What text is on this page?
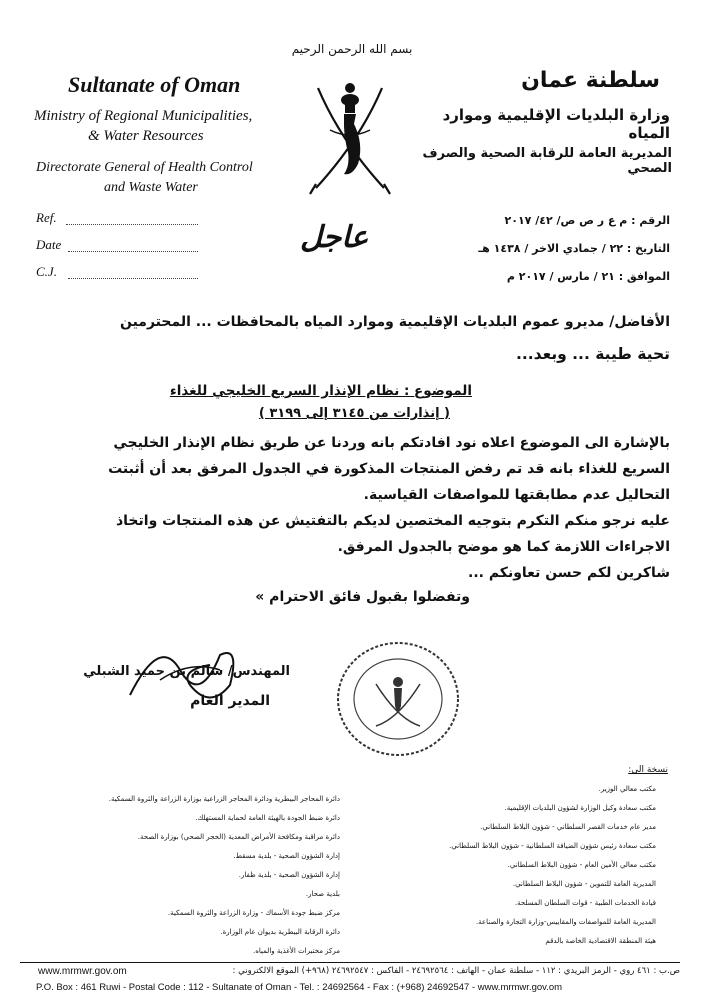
بسم الله الرحمن الرحيم
Sultanate of Oman
Ministry of Regional Municipalities,
& Water Resources
Directorate General of Health Control
and Waste Water
سلطنة عمان
وزارة البلديات الإقليمية وموارد المياه
المديرية العامة للرقابة الصحية والصرف الصحي
Ref.
Date
C.J.
عاجل	الرقم : م ع ر ص ص/ ٤٢/ ٢٠١٧
التاريخ : ٢٢ / جمادي الاخر / ١٤٣٨ هـ
الموافق : ٢١ / مارس / ٢٠١٧ م
الأفاضل/ مديرو عموم البلديات الإقليمية وموارد المياه بالمحافظات ... المحترمين
تحية طيبة ... وبعد...
الموضوع : نظام الإنذار السريع الخليجي للغذاء
( إنذارات من ٣١٤٥ إلى ٣١٩٩ )
بالإشارة الى الموضوع اعلاه نود افادتكم بانه وردنا عن طريق نظام الإنذار الخليجي
السريع للغذاء بانه قد تم رفض المنتجات المذكورة في الجدول المرفق بعد أن أثبتت
التحاليل عدم مطابقتها للمواصفات القياسية.
عليه نرجو منكم التكرم بتوجيه المختصين لديكم بالتفتيش عن هذه المنتجات واتخاذ
الاجراءات اللازمة كما هو موضح بالجدول المرفق.
شاكرين لكم حسن تعاونكم ...
وتفضلوا بقبول فائق الاحترام »
المهندس/ سالم بن حميد الشبلي
المدير العام
نسخة الى:
مكتب معالي الوزير.
مكتب سعادة وكيل الوزارة لشؤون البلديات الإقليمية.
مدير عام خدمات القصر السلطاني - شؤون البلاط السلطاني.
مكتب سعادة رئيس شؤون الضيافة السلطانية - شؤون البلاط السلطاني.
مكتب معالي الأمين العام - شؤون البلاط السلطاني.
المديرية العامة للتموين - شؤون البلاط السلطاني.
قيادة الخدمات الطبية - قوات السلطان المسلحة.
المديرية العامة للمواصفات والمقاييس-وزارة التجارة والصناعة.
هيئة المنطقة الاقتصادية الخاصة بالدقم
دائرة المحاجر البيطرية ودائرة المحاجر الزراعية بوزارة الزراعة والثروة السمكية.
دائرة ضبط الجودة بالهيئة العامة لحماية المستهلك.
دائرة مراقبة ومكافحة الأمراض المعدية (الحجر الصحي) بوزارة الصحة.
إدارة الشؤون الصحية - بلدية مسقط.
إدارة الشؤون الصحية - بلدية ظفار.
بلدية صحار.
مركز ضبط جودة الأسماك - وزارة الزراعة والثروة السمكية.
دائرة الرقابة البيطرية بديوان عام الوزارة.
مركز مختبرات الأغذية والمياه.
www.mrmwr.gov.om	ص.ب : ٤٦١ روي - الرمز البريدي : ١١٢ - سلطنة عمان - الهاتف : ٢٤٦٩٢٥٦٤ - الفاكس : ٢٤٦٩٢٥٤٧ (٩٦٨+) الموقع الالكتروني :
P.O. Box : 461 Ruwi - Postal Code : 112 - Sultanate of Oman - Tel. : 24692564 - Fax : (+968) 24692547 - www.mrmwr.gov.om
